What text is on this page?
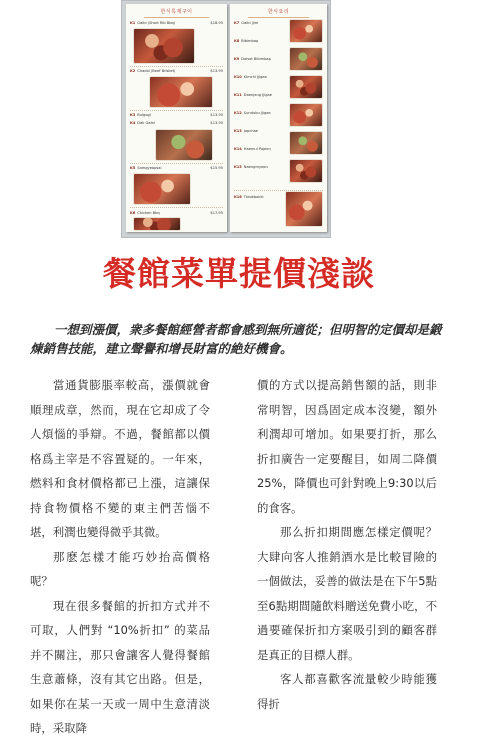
한식특제구이
K1 Galbi (Short Rib Bbq)	$18.95
K2 Chadol (Beef Brisket)	$13.95
K3 Bulgogi	$13.95
K4 Dak Galbi	$13.95
K5 Samgyeopsal	$15.95
K6 Chicken Bbq	$17.95
한식요리
K7 Galbi Jjim
K8 Bibimbap
K9 Dolsot Bibimbap
K10 Kimchi Jjigae
K11 Doenjang Jjigae
K12 Sundubu Jjigae
K13 Japchae
K14 Haemul Pajeon
K15 Naengmyeon
K16 Tteokbokki
餐館菜單提價淺談
一想到漲價，衆多餐館經營者都會感到無所適從；但明智的定價却是鍛煉銷售技能，建立聲譽和增長財富的絶好機會。

當通貨膨脹率較高，漲價就會順理成章，然而，現在它却成了令人煩惱的爭辯。不過，餐館都以價格爲主宰是不容置疑的。一年來，燃料和食材價格都已上漲，這讓保持食物價格不變的東主們苦惱不堪，利潤也變得微乎其微。

那麽怎樣才能巧妙抬高價格呢？

現在很多餐館的折扣方式并不可取，人們對 “10%折扣” 的菜品并不關注，那只會讓客人覺得餐館生意蕭條，沒有其它出路。但是，如果你在某一天或一周中生意清淡時，采取降

價的方式以提高銷售額的話，則非常明智，因爲固定成本沒變，額外利潤却可增加。如果要打折，那么折扣廣告一定要醒目，如周二降價25%，降價也可針對晚上9:30以后的食客。

那么折扣期間應怎樣定價呢？大肆向客人推銷酒水是比較冒險的一個做法，妥善的做法是在下午5點至6點期間隨飲料贈送免費小吃，不過要確保折扣方案吸引到的顧客群是真正的目標人群。

客人都喜歡客流量較少時能獲得折
